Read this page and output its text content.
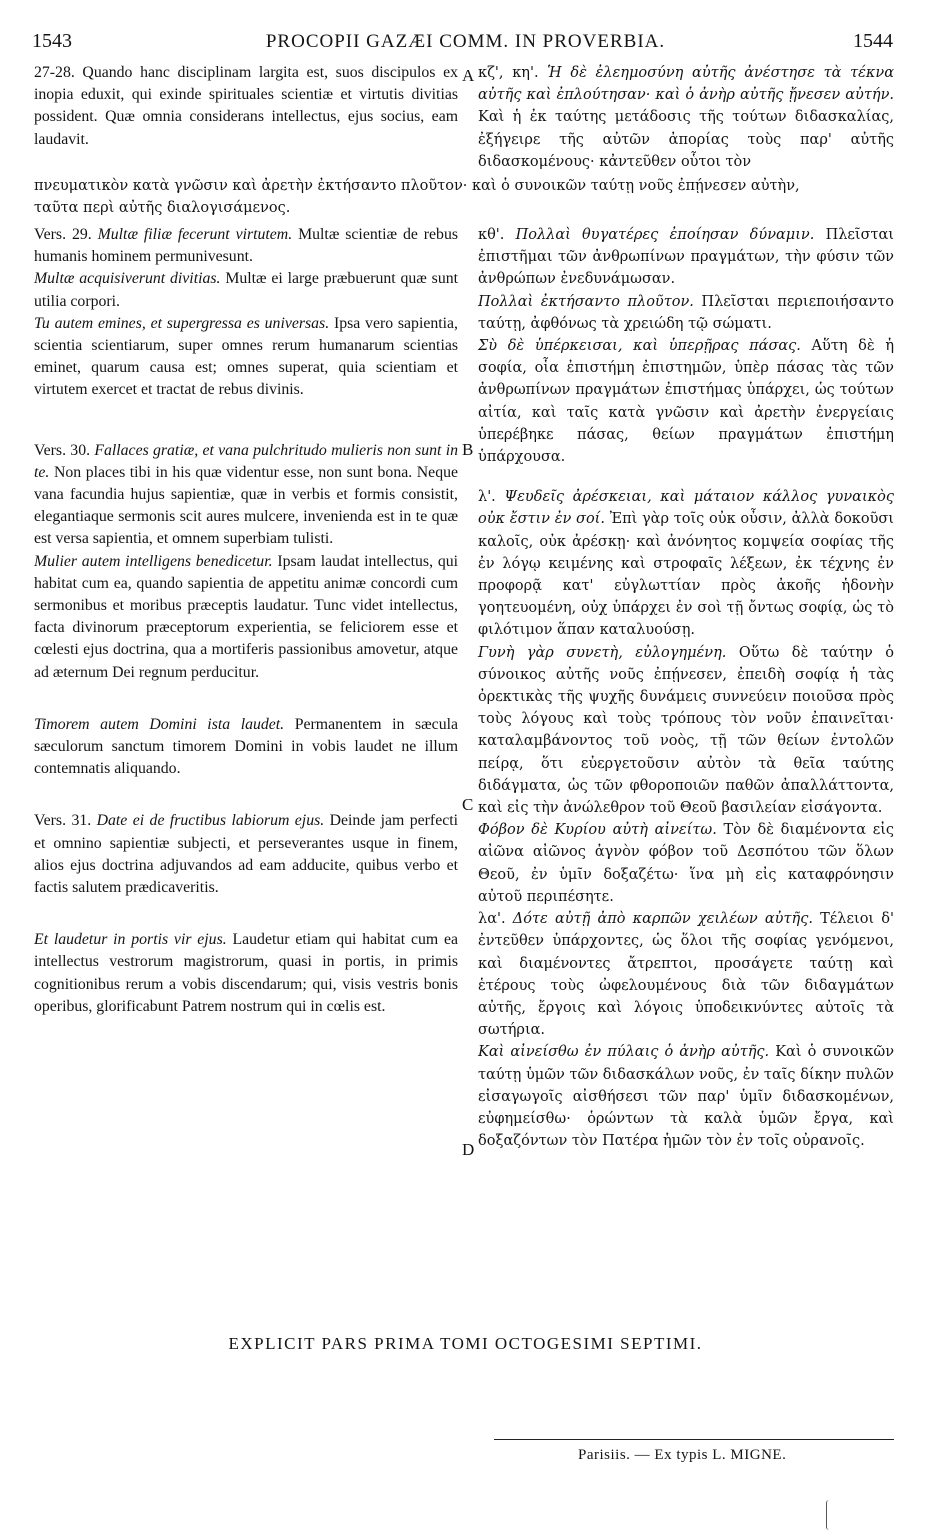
1543	PROCOPII GAZÆI COMM. IN PROVERBIA.	1544
A
B
C
D

27-28. Quando hanc disciplinam largita est, suos discipulos ex inopia eduxit, qui exinde spirituales scientiæ et virtutis divitias possident. Quæ omnia considerans intellectus, ejus socius, eam laudavit.

Vers. 29. Multæ filiæ fecerunt virtutem. Multæ scientiæ de rebus humanis hominem permunivesunt.

Multæ acquisiverunt divitias. Multæ ei large præbuerunt quæ sunt utilia corpori.

Tu autem emines, et supergressa es universas. Ipsa vero sapientia, scientia scientiarum, super omnes rerum humanarum scientias eminet, quarum causa est; omnes superat, quia scientiam et virtutem exercet et tractat de rebus divinis.

Vers. 30. Fallaces gratiæ, et vana pulchritudo mulieris non sunt in te. Non places tibi in his quæ videntur esse, non sunt bona. Neque vana facundia hujus sapientiæ, quæ in verbis et formis consistit, elegantiaque sermonis scit aures mulcere, invenienda est in te quæ est versa sapientia, et omnem superbiam tulisti.

Mulier autem intelligens benedicetur. Ipsam laudat intellectus, qui habitat cum ea, quando sapientia de appetitu animæ concordi cum sermonibus et moribus præceptis laudatur. Tunc videt intellectus, facta divinorum præceptorum experientia, se feliciorem esse et cœlesti ejus doctrina, qua a mortiferis passionibus amovetur, atque ad æternum Dei regnum perducitur.

Timorem autem Domini ista laudet. Permanentem in sæcula sæculorum sanctum timorem Domini in vobis laudet ne illum contemnatis aliquando.

Vers. 31. Date ei de fructibus labiorum ejus. Deinde jam perfecti et omnino sapientiæ subjecti, et perseverantes usque in finem, alios ejus doctrina adjuvandos ad eam adducite, quibus verbo et factis salutem prædicaveritis.

Et laudetur in portis vir ejus. Laudetur etiam qui habitat cum ea intellectus vestrorum magistrorum, quasi in portis, in primis cognitionibus rerum a vobis discendarum; qui, visis vestris bonis operibus, glorificabunt Patrem nostrum qui in cœlis est.

πνευματικὸν κατὰ γνῶσιν καὶ ἀρετὴν ἐκτήσαντο πλοῦτον· καὶ ὁ συνοικῶν ταύτῃ νοῦς ἐπῄνεσεν αὐτὴν,
ταῦτα περὶ αὐτῆς διαλογισάμενος.

κζ', κη'. Ἡ δὲ ἐλεημοσύνη αὐτῆς ἀνέστησε τὰ τέκνα αὐτῆς καὶ ἐπλούτησαν· καὶ ὁ ἀνὴρ αὐτῆς ᾔνεσεν αὐτήν. Καὶ ἡ ἐκ ταύτης μετάδοσις τῆς τούτων διδασκαλίας, ἐξήγειρε τῆς αὐτῶν ἀπορίας τοὺς παρ' αὐτῆς διδασκομένους· κἀντεῦθεν οὗτοι τὸν

κθ'. Πολλαὶ θυγατέρες ἐποίησαν δύναμιν. Πλεῖσται ἐπιστῆμαι τῶν ἀνθρωπίνων πραγμάτων, τὴν φύσιν τῶν ἀνθρώπων ἐνεδυνάμωσαν.

Πολλαὶ ἐκτήσαντο πλοῦτον. Πλεῖσται περιεποιήσαντο ταύτῃ, ἀφθόνως τὰ χρειώδη τῷ σώματι.

Σὺ δὲ ὑπέρκεισαι, καὶ ὑπερῇρας πάσας. Αὕτη δὲ ἡ σοφία, οἷα ἐπιστήμη ἐπιστημῶν, ὑπὲρ πάσας τὰς τῶν ἀνθρωπίνων πραγμάτων ἐπιστήμας ὑπάρχει, ὡς τούτων αἰτία, καὶ ταῖς κατὰ γνῶσιν καὶ ἀρετὴν ἐνεργείαις ὑπερέβηκε πάσας, θείων πραγμάτων ἐπιστήμη ὑπάρχουσα.

λ'. Ψευδεῖς ἀρέσκειαι, καὶ μάταιον κάλλος γυναικὸς οὐκ ἔστιν ἐν σοί. Ἐπὶ γὰρ τοῖς οὐκ οὖσιν, ἀλλὰ δοκοῦσι καλοῖς, οὐκ ἀρέσκῃ· καὶ ἀνόνητος κομψεία σοφίας τῆς ἐν λόγῳ κειμένης καὶ στροφαῖς λέξεων, ἐκ τέχνης ἐν προφορᾷ κατ' εὐγλωττίαν πρὸς ἀκοῆς ἡδονὴν γοητευομένη, οὐχ ὑπάρχει ἐν σοὶ τῇ ὄντως σοφίᾳ, ὡς τὸ φιλότιμον ἅπαν καταλυούσῃ.

Γυνὴ γὰρ συνετὴ, εὐλογημένη. Οὕτω δὲ ταύτην ὁ σύνοικος αὐτῆς νοῦς ἐπῄνεσεν, ἐπειδὴ σοφίᾳ ἡ τὰς ὀρεκτικὰς τῆς ψυχῆς δυνάμεις συννεύειν ποιοῦσα πρὸς τοὺς λόγους καὶ τοὺς τρόπους τὸν νοῦν ἐπαινεῖται· καταλαμβάνοντος τοῦ νοὸς, τῇ τῶν θείων ἐντολῶν πείρᾳ, ὅτι εὐεργετοῦσιν αὐτὸν τὰ θεῖα ταύτης διδάγματα, ὡς τῶν φθοροποιῶν παθῶν ἀπαλλάττοντα, καὶ εἰς τὴν ἀνώλεθρον τοῦ Θεοῦ βασιλείαν εἰσάγοντα.

Φόβον δὲ Κυρίου αὐτὴ αἰνείτω. Τὸν δὲ διαμένοντα εἰς αἰῶνα αἰῶνος ἁγνὸν φόβον τοῦ Δεσπότου τῶν ὅλων Θεοῦ, ἐν ὑμῖν δοξαζέτω· ἵνα μὴ εἰς καταφρόνησιν αὐτοῦ περιπέσητε.

λα'. Δότε αὐτῇ ἀπὸ καρπῶν χειλέων αὐτῆς. Τέλειοι δ' ἐντεῦθεν ὑπάρχοντες, ὡς ὅλοι τῆς σοφίας γενόμενοι, καὶ διαμένοντες ἄτρεπτοι, προσάγετε ταύτῃ καὶ ἑτέρους τοὺς ὠφελουμένους διὰ τῶν διδαγμάτων αὐτῆς, ἔργοις καὶ λόγοις ὑποδεικνύντες αὐτοῖς τὰ σωτήρια.

Καὶ αἰνείσθω ἐν πύλαις ὁ ἀνὴρ αὐτῆς. Καὶ ὁ συνοικῶν ταύτῃ ὑμῶν τῶν διδασκάλων νοῦς, ἐν ταῖς δίκην πυλῶν εἰσαγωγοῖς αἰσθήσεσι τῶν παρ' ὑμῖν διδασκομένων, εὐφημείσθω· ὁρώντων τὰ καλὰ ὑμῶν ἔργα, καὶ δοξαζόντων τὸν Πατέρα ἡμῶν τὸν ἐν τοῖς οὐρανοῖς.

EXPLICIT PARS PRIMA TOMI OCTOGESIMI SEPTIMI.
Parisiis. — Ex typis L. MIGNE.
